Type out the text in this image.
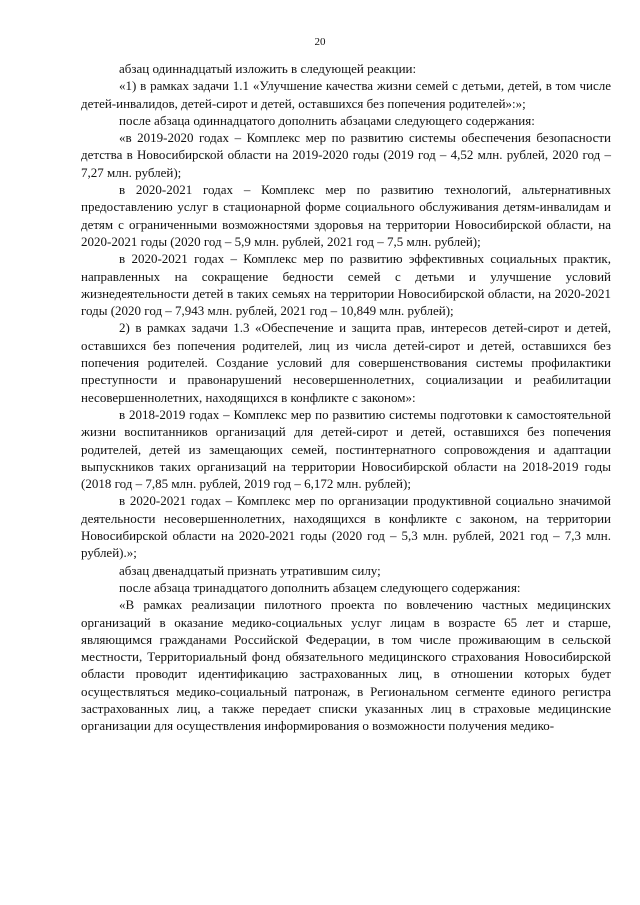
20

абзац одиннадцатый изложить в следующей реакции:

«1) в рамках задачи 1.1 «Улучшение качества жизни семей с детьми, детей, в том числе детей-инвалидов, детей-сирот и детей, оставшихся без попечения родителей»:»;

после абзаца одиннадцатого дополнить абзацами следующего содержания:

«в 2019-2020 годах – Комплекс мер по развитию системы обеспечения безопасности детства в Новосибирской области на 2019-2020 годы (2019 год – 4,52 млн. рублей, 2020 год – 7,27 млн. рублей);

в 2020-2021 годах – Комплекс мер по развитию технологий, альтернативных предоставлению услуг в стационарной форме социального обслуживания детям-инвалидам и детям с ограниченными возможностями здоровья на территории Новосибирской области, на 2020-2021 годы (2020 год – 5,9 млн. рублей, 2021 год – 7,5 млн. рублей);

в 2020-2021 годах – Комплекс мер по развитию эффективных социальных практик, направленных на сокращение бедности семей с детьми и улучшение условий жизнедеятельности детей в таких семьях на территории Новосибирской области, на 2020-2021 годы (2020 год – 7,943 млн. рублей, 2021 год – 10,849 млн. рублей);

2) в рамках задачи 1.3 «Обеспечение и защита прав, интересов детей-сирот и детей, оставшихся без попечения родителей, лиц из числа детей-сирот и детей, оставшихся без попечения родителей. Создание условий для совершенствования системы профилактики преступности и правонарушений несовершеннолетних, социализации и реабилитации несовершеннолетних, находящихся в конфликте с законом»:

в 2018-2019 годах – Комплекс мер по развитию системы подготовки к самостоятельной жизни воспитанников организаций для детей-сирот и детей, оставшихся без попечения родителей, детей из замещающих семей, постинтернатного сопровождения и адаптации выпускников таких организаций на территории Новосибирской области на 2018-2019 годы (2018 год – 7,85 млн. рублей, 2019 год – 6,172 млн. рублей);

в 2020-2021 годах – Комплекс мер по организации продуктивной социально значимой деятельности несовершеннолетних, находящихся в конфликте с законом, на территории Новосибирской области на 2020-2021 годы (2020 год – 5,3 млн. рублей, 2021 год – 7,3 млн. рублей).»;

абзац двенадцатый признать утратившим силу;

после абзаца тринадцатого дополнить абзацем следующего содержания:

«В рамках реализации пилотного проекта по вовлечению частных медицинских организаций в оказание медико-социальных услуг лицам в возрасте 65 лет и старше, являющимся гражданами Российской Федерации, в том числе проживающим в сельской местности, Территориальный фонд обязательного медицинского страхования Новосибирской области проводит идентификацию застрахованных лиц, в отношении которых будет осуществляться медико-социальный патронаж, в Региональном сегменте единого регистра застрахованных лиц, а также передает списки указанных лиц в страховые медицинские организации для осуществления информирования о возможности получения медико-
